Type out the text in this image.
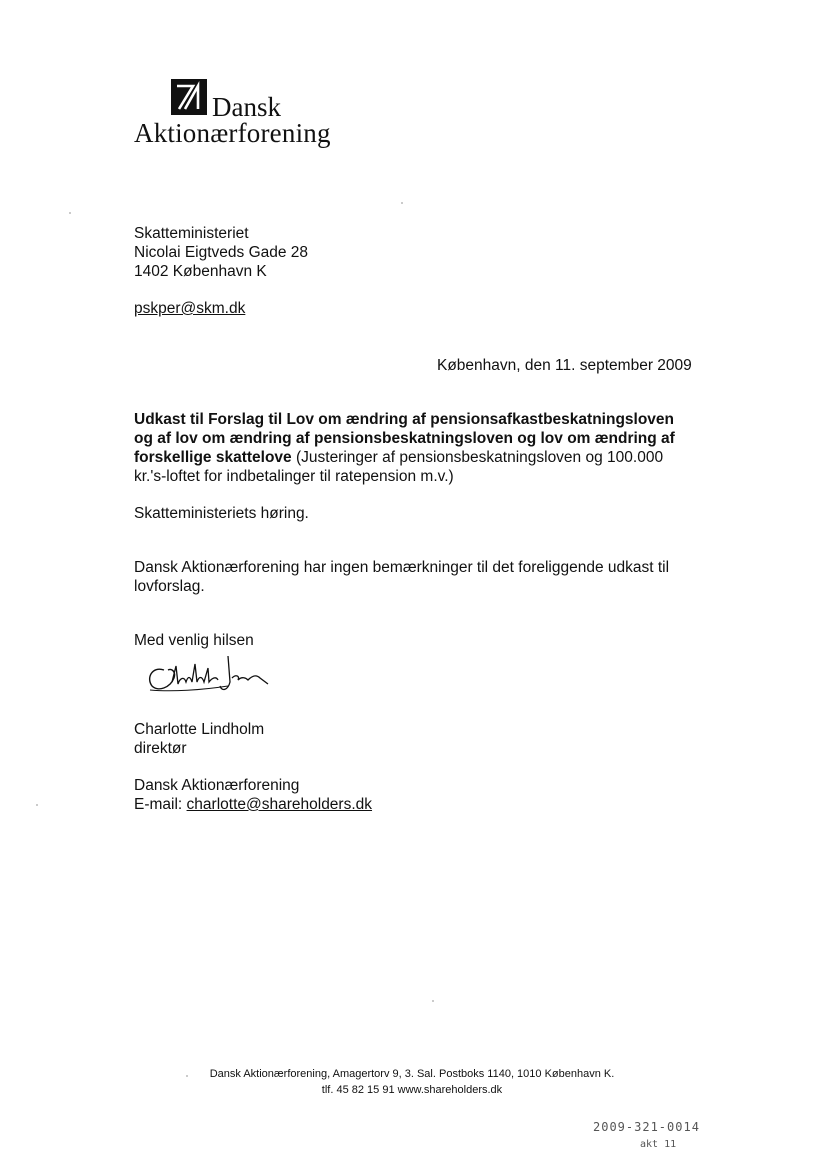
Dansk
Aktionærforening
Skatteministeriet
Nicolai Eigtveds Gade 28
1402 København K
pskper@skm.dk
København, den 11. september 2009
Udkast til Forslag til Lov om ændring af pensionsafkastbeskatningsloven
og af lov om ændring af pensionsbeskatningsloven og lov om ændring af
forskellige skattelove (Justeringer af pensionsbeskatningsloven og 100.000
kr.'s-loftet for indbetalinger til ratepension m.v.)
Skatteministeriets høring.
Dansk Aktionærforening har ingen bemærkninger til det foreliggende udkast til
lovforslag.
Med venlig hilsen
Charlotte Lindholm
direktør
Dansk Aktionærforening
E-mail: charlotte@shareholders.dk
Dansk Aktionærforening, Amagertorv 9, 3. Sal. Postboks 1140, 1010 København K.
tlf. 45 82 15 91 www.shareholders.dk
2009-321-0014
akt 11
